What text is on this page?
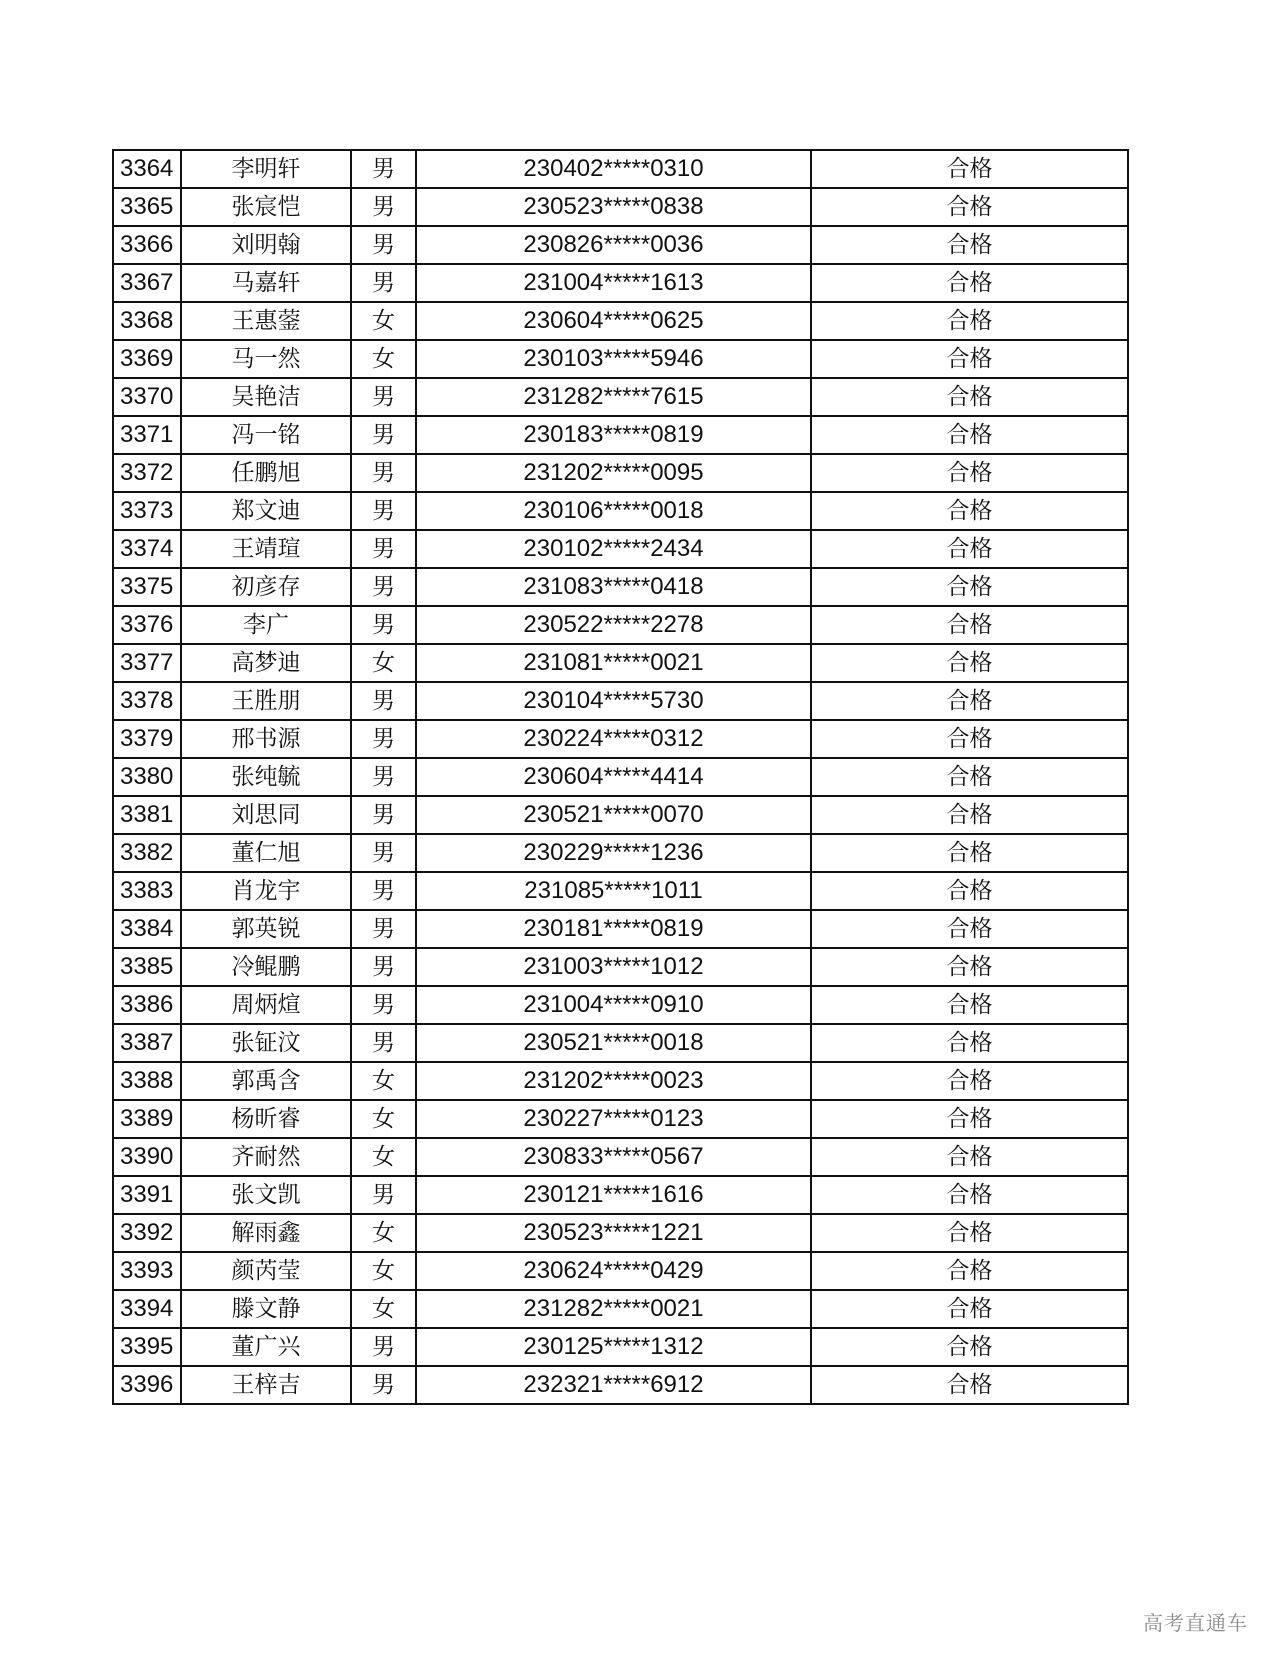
3364	李明轩	男	230402*****0310	合格
3365	张宸恺	男	230523*****0838	合格
3366	刘明翰	男	230826*****0036	合格
3367	马嘉轩	男	231004*****1613	合格
3368	王惠蓥	女	230604*****0625	合格
3369	马一然	女	230103*****5946	合格
3370	吴艳洁	男	231282*****7615	合格
3371	冯一铭	男	230183*****0819	合格
3372	任鹏旭	男	231202*****0095	合格
3373	郑文迪	男	230106*****0018	合格
3374	王靖瑄	男	230102*****2434	合格
3375	初彦存	男	231083*****0418	合格
3376	李广	男	230522*****2278	合格
3377	高梦迪	女	231081*****0021	合格
3378	王胜朋	男	230104*****5730	合格
3379	邢书源	男	230224*****0312	合格
3380	张纯毓	男	230604*****4414	合格
3381	刘思同	男	230521*****0070	合格
3382	董仁旭	男	230229*****1236	合格
3383	肖龙宇	男	231085*****1011	合格
3384	郭英锐	男	230181*****0819	合格
3385	冷鲲鹏	男	231003*****1012	合格
3386	周炳煊	男	231004*****0910	合格
3387	张钲汶	男	230521*****0018	合格
3388	郭禹含	女	231202*****0023	合格
3389	杨昕睿	女	230227*****0123	合格
3390	齐耐然	女	230833*****0567	合格
3391	张文凯	男	230121*****1616	合格
3392	解雨鑫	女	230523*****1221	合格
3393	颜芮莹	女	230624*****0429	合格
3394	滕文静	女	231282*****0021	合格
3395	董广兴	男	230125*****1312	合格
3396	王梓吉	男	232321*****6912	合格
高考直通车
